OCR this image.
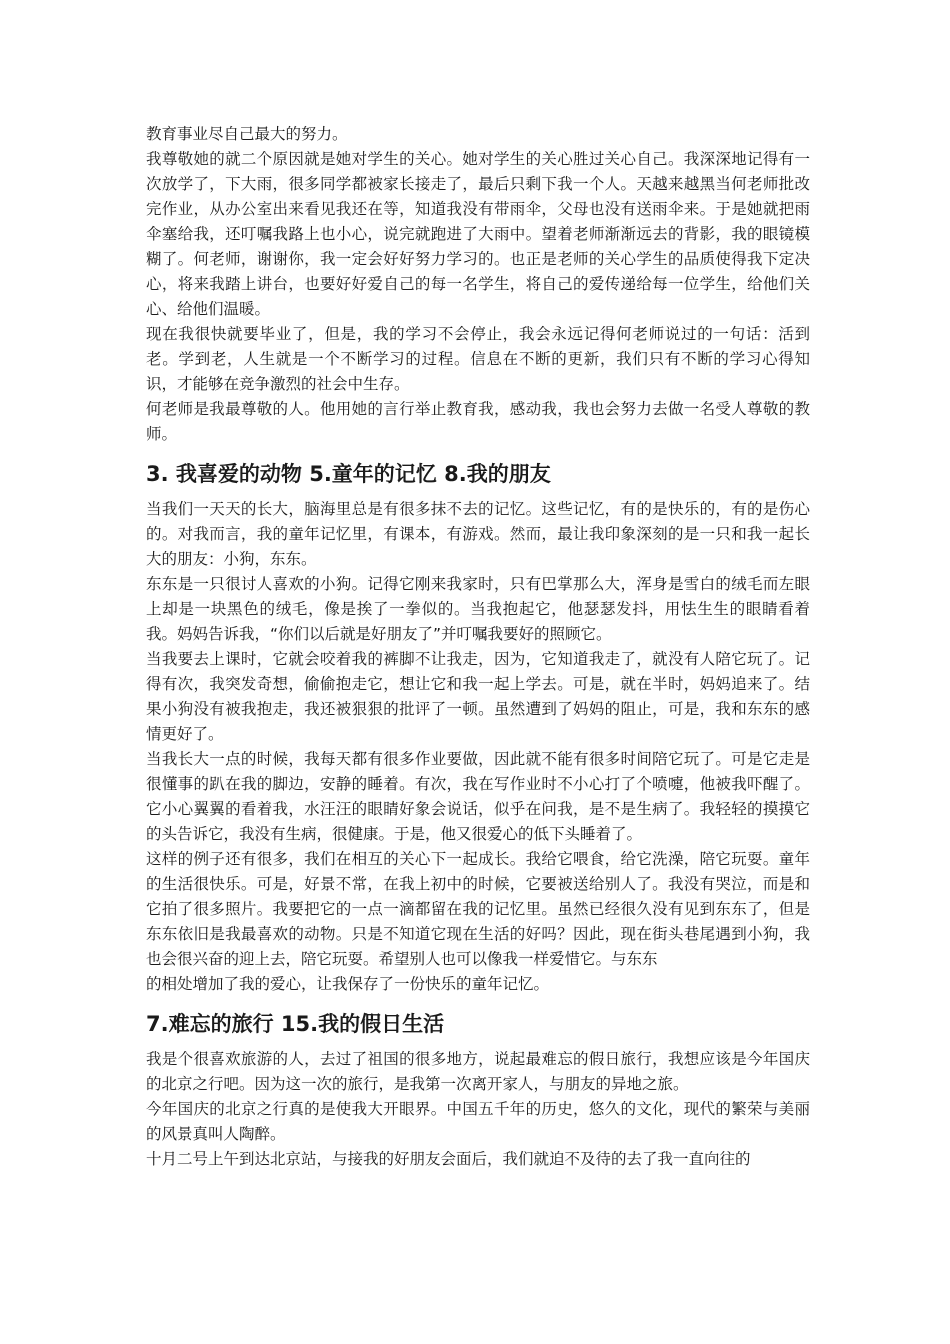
教育事业尽自己最大的努力。

我尊敬她的就二个原因就是她对学生的关心。她对学生的关心胜过关心自己。我深深地记得有一次放学了，下大雨，很多同学都被家长接走了，最后只剩下我一个人。天越来越黑当何老师批改完作业，从办公室出来看见我还在等，知道我没有带雨伞，父母也没有送雨伞来。于是她就把雨伞塞给我，还叮嘱我路上也小心，说完就跑进了大雨中。望着老师渐渐远去的背影，我的眼镜模糊了。何老师，谢谢你，我一定会好好努力学习的。也正是老师的关心学生的品质使得我下定决心，将来我踏上讲台，也要好好爱自己的每一名学生，将自己的爱传递给每一位学生，给他们关心、给他们温暖。

现在我很快就要毕业了，但是，我的学习不会停止，我会永远记得何老师说过的一句话：活到老。学到老，人生就是一个不断学习的过程。信息在不断的更新，我们只有不断的学习心得知识，才能够在竞争激烈的社会中生存。

何老师是我最尊敬的人。他用她的言行举止教育我，感动我，我也会努力去做一名受人尊敬的教师。

3. 我喜爱的动物 5.童年的记忆 8.我的朋友

当我们一天天的长大，脑海里总是有很多抹不去的记忆。这些记忆，有的是快乐的，有的是伤心的。对我而言，我的童年记忆里，有课本，有游戏。然而，最让我印象深刻的是一只和我一起长大的朋友：小狗，东东。

东东是一只很讨人喜欢的小狗。记得它刚来我家时，只有巴掌那么大，浑身是雪白的绒毛而左眼上却是一块黑色的绒毛，像是挨了一拳似的。当我抱起它，他瑟瑟发抖，用怯生生的眼睛看着我。妈妈告诉我，“你们以后就是好朋友了”并叮嘱我要好的照顾它。

当我要去上课时，它就会咬着我的裤脚不让我走，因为，它知道我走了，就没有人陪它玩了。记得有次，我突发奇想，偷偷抱走它，想让它和我一起上学去。可是，就在半时，妈妈追来了。结果小狗没有被我抱走，我还被狠狠的批评了一顿。虽然遭到了妈妈的阻止，可是，我和东东的感情更好了。

当我长大一点的时候，我每天都有很多作业要做，因此就不能有很多时间陪它玩了。可是它走是很懂事的趴在我的脚边，安静的睡着。有次，我在写作业时不小心打了个喷嚏，他被我吓醒了。它小心翼翼的看着我，水汪汪的眼睛好象会说话，似乎在问我，是不是生病了。我轻轻的摸摸它的头告诉它，我没有生病，很健康。于是，他又很爱心的低下头睡着了。

这样的例子还有很多，我们在相互的关心下一起成长。我给它喂食，给它洗澡，陪它玩耍。童年的生活很快乐。可是，好景不常，在我上初中的时候，它要被送给别人了。我没有哭泣，而是和它拍了很多照片。我要把它的一点一滴都留在我的记忆里。虽然已经很久没有见到东东了，但是东东依旧是我最喜欢的动物。只是不知道它现在生活的好吗？因此，现在街头巷尾遇到小狗，我也会很兴奋的迎上去，陪它玩耍。希望别人也可以像我一样爱惜它。与东东

的相处增加了我的爱心，让我保存了一份快乐的童年记忆。

7.难忘的旅行 15.我的假日生活

我是个很喜欢旅游的人，去过了祖国的很多地方，说起最难忘的假日旅行，我想应该是今年国庆的北京之行吧。因为这一次的旅行，是我第一次离开家人，与朋友的异地之旅。

今年国庆的北京之行真的是使我大开眼界。中国五千年的历史，悠久的文化，现代的繁荣与美丽的风景真叫人陶醉。

十月二号上午到达北京站，与接我的好朋友会面后，我们就迫不及待的去了我一直向往的
